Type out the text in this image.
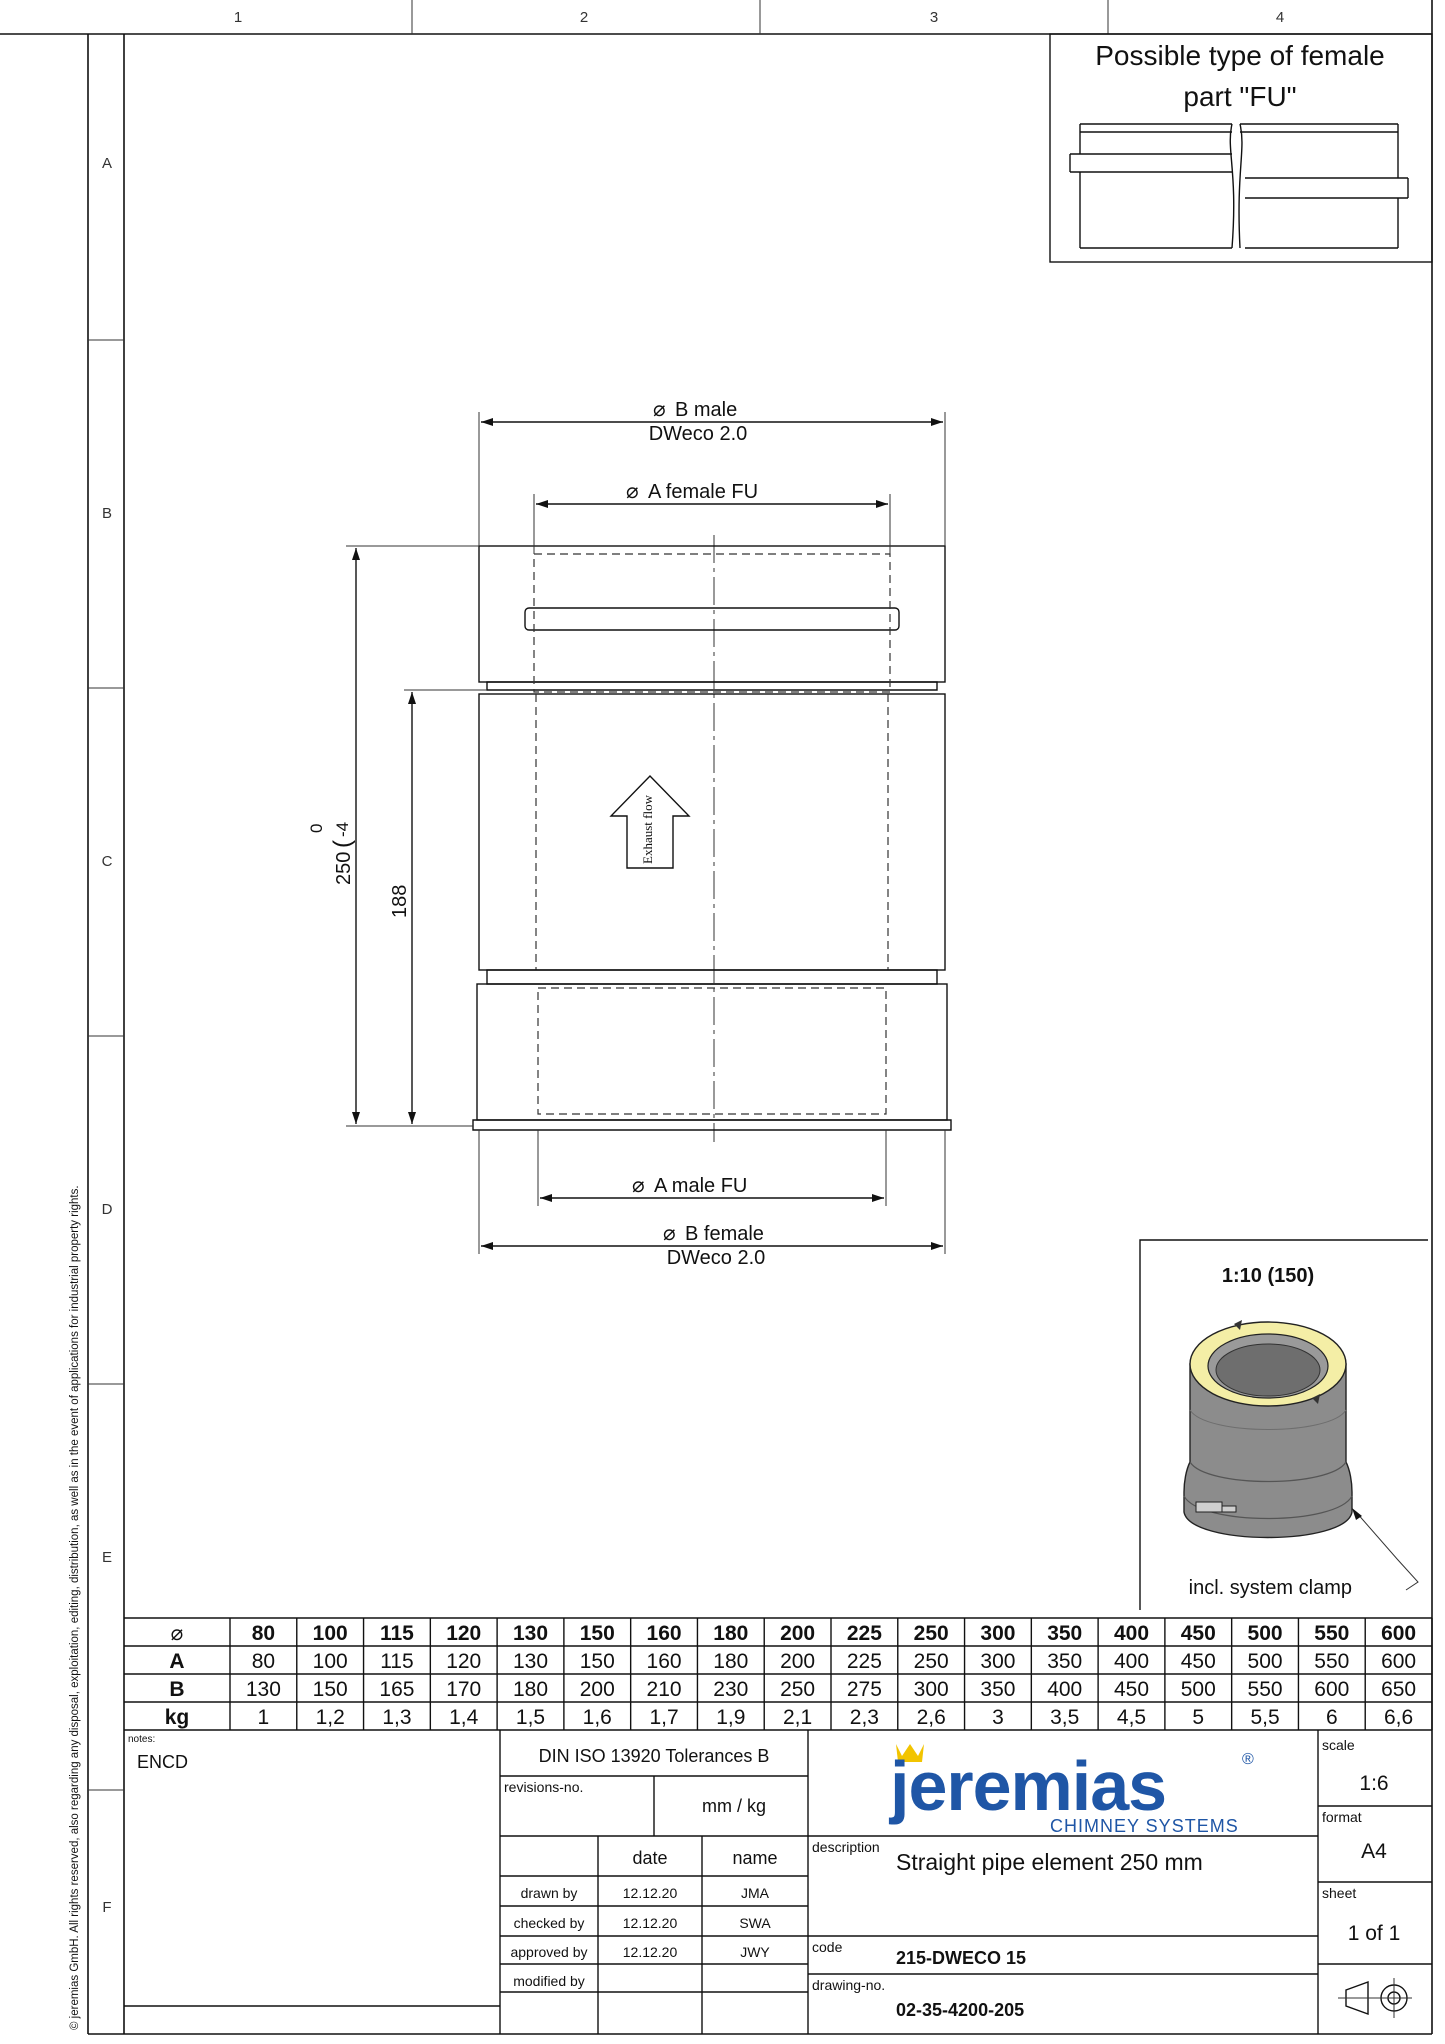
1	2	3	4
A
B
C
D
E
F
© jeremias GmbH. All rights reserved, also regarding any disposal, exploitation, editing, distribution, as well as in the event of applications for industrial property rights.
Possible type of female
part "FU"
Exhaust flow
⌀ B male
DWeco 2.0
⌀ A female FU
⌀ A male FU
⌀ B female
DWeco 2.0
250
(
0 -4
188
1:10 (150)
incl. system clamp
⌀	80 100 115 120 130 150 160 180 200 225 250 300 350 400 450 500 550 600
A	80 100 115 120 130 150 160 180 200 225 250 300 350 400 450 500 550 600
B	130 150 165 170 180 200 210 230 250 275 300 350 400 450 500 550 600 650
kg	1 1,2 1,3 1,4 1,5 1,6 1,7 1,9 2,1 2,3 2,6 3 3,5 4,5 5 5,5 6 6,6
notes:
ENCD	DIN ISO 13920 Tolerances B
revisions-no.
mm / kg
date	name
drawn by	12.12.20	JMA
checked by	12.12.20	SWA
approved by	12.12.20	JWY
modified by
jeremias	®
CHIMNEY SYSTEMS
description
Straight pipe element 250 mm
code
215-DWECO 15
drawing-no.
02-35-4200-205
scale
1:6
format
A4
sheet
1 of 1
